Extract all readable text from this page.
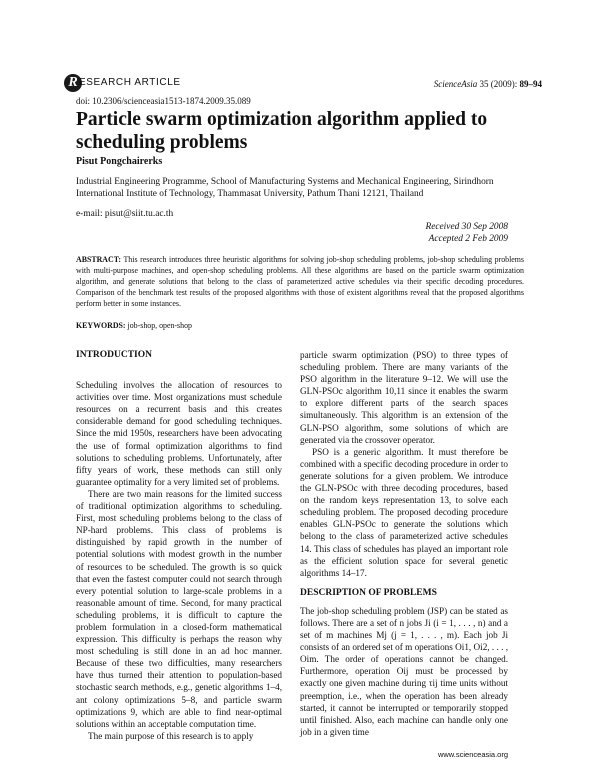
R ESEARCH ARTICLE	ScienceAsia 35 (2009): 89–94
doi: 10.2306/scienceasia1513-1874.2009.35.089
Particle swarm optimization algorithm applied to scheduling problems
Pisut Pongchairerks
Industrial Engineering Programme, School of Manufacturing Systems and Mechanical Engineering, Sirindhorn International Institute of Technology, Thammasat University, Pathum Thani 12121, Thailand
e-mail: pisut@siit.tu.ac.th
Received 30 Sep 2008
Accepted 2 Feb 2009
ABSTRACT: This research introduces three heuristic algorithms for solving job-shop scheduling problems, job-shop scheduling problems with multi-purpose machines, and open-shop scheduling problems. All these algorithms are based on the particle swarm optimization algorithm, and generate solutions that belong to the class of parameterized active schedules via their specific decoding procedures. Comparison of the benchmark test results of the proposed algorithms with those of existent algorithms reveal that the proposed algorithms perform better in some instances.
KEYWORDS: job-shop, open-shop
INTRODUCTION

Scheduling involves the allocation of resources to activities over time. Most organizations must schedule resources on a recurrent basis and this creates considerable demand for good scheduling techniques. Since the mid 1950s, researchers have been advocating the use of formal optimization algorithms to find solutions to scheduling problems. Unfortunately, after fifty years of work, these methods can still only guarantee optimality for a very limited set of problems.

There are two main reasons for the limited success of traditional optimization algorithms to scheduling. First, most scheduling problems belong to the class of NP-hard problems. This class of problems is distinguished by rapid growth in the number of potential solutions with modest growth in the number of resources to be scheduled. The growth is so quick that even the fastest computer could not search through every potential solution to large-scale problems in a reasonable amount of time. Second, for many practical scheduling problems, it is difficult to capture the problem formulation in a closed-form mathematical expression. This difficulty is perhaps the reason why most scheduling is still done in an ad hoc manner. Because of these two difficulties, many researchers have thus turned their attention to population-based stochastic search methods, e.g., genetic algorithms 1–4, ant colony optimizations 5–8, and particle swarm optimizations 9, which are able to find near-optimal solutions within an acceptable computation time.

The main purpose of this research is to apply

particle swarm optimization (PSO) to three types of scheduling problem. There are many variants of the PSO algorithm in the literature 9–12. We will use the GLN-PSOc algorithm 10,11 since it enables the swarm to explore different parts of the search spaces simultaneously. This algorithm is an extension of the GLN-PSO algorithm, some solutions of which are generated via the crossover operator.

PSO is a generic algorithm. It must therefore be combined with a specific decoding procedure in order to generate solutions for a given problem. We introduce the GLN-PSOc with three decoding procedures, based on the random keys representation 13, to solve each scheduling problem. The proposed decoding procedure enables GLN-PSOc to generate the solutions which belong to the class of parameterized active schedules 14. This class of schedules has played an important role as the efficient solution space for several genetic algorithms 14–17.

DESCRIPTION OF PROBLEMS

The job-shop scheduling problem (JSP) can be stated as follows. There are a set of n jobs Ji (i = 1, . . . , n) and a set of m machines Mj (j = 1, . . . , m). Each job Ji consists of an ordered set of m operations Oi1, Oi2, . . . , Oim. The order of operations cannot be changed. Furthermore, operation Oij must be processed by exactly one given machine during τij time units without preemption, i.e., when the operation has been already started, it cannot be interrupted or temporarily stopped until finished. Also, each machine can handle only one job in a given time

www.scienceasia.org
